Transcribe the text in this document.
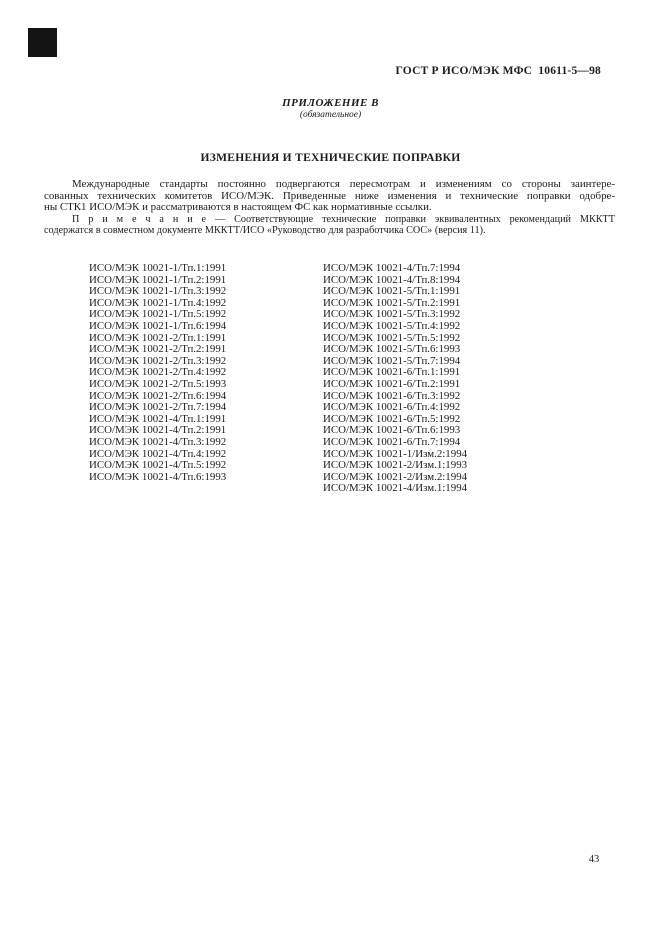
ГОСТ Р ИСО/МЭК МФС  10611-5—98
ПРИЛОЖЕНИЕ В
(обязательное)
ИЗМЕНЕНИЯ И ТЕХНИЧЕСКИЕ ПОПРАВКИ
Международные стандарты постоянно подвергаются пересмотрам и изменениям со стороны заинтере-
сованных технических комитетов ИСО/МЭК. Приведенные ниже изменения и технические поправки одобре-
ны СТК1 ИСО/МЭК и рассматриваются в настоящем ФС как нормативные ссылки.
П р и м е ч а н и е — Соответствующие технические поправки эквивалентных рекомендаций МККТТ
содержатся в совместном документе МККТТ/ИСО «Руководство для разработчика СОС» (версия 11).
ИСО/МЭК 10021-1/Тп.1:1991
ИСО/МЭК 10021-1/Тп.2:1991
ИСО/МЭК 10021-1/Тп.3:1992
ИСО/МЭК 10021-1/Тп.4:1992
ИСО/МЭК 10021-1/Тп.5:1992
ИСО/МЭК 10021-1/Тп.6:1994
ИСО/МЭК 10021-2/Тп.1:1991
ИСО/МЭК 10021-2/Тп.2:1991
ИСО/МЭК 10021-2/Тп.3:1992
ИСО/МЭК 10021-2/Тп.4:1992
ИСО/МЭК 10021-2/Тп.5:1993
ИСО/МЭК 10021-2/Тп.6:1994
ИСО/МЭК 10021-2/Тп.7:1994
ИСО/МЭК 10021-4/Тп.1:1991
ИСО/МЭК 10021-4/Тп.2:1991
ИСО/МЭК 10021-4/Тп.3:1992
ИСО/МЭК 10021-4/Тп.4:1992
ИСО/МЭК 10021-4/Тп.5:1992
ИСО/МЭК 10021-4/Тп.6:1993
ИСО/МЭК 10021-4/Тп.7:1994
ИСО/МЭК 10021-4/Тп.8:1994
ИСО/МЭК 10021-5/Тп.1:1991
ИСО/МЭК 10021-5/Тп.2:1991
ИСО/МЭК 10021-5/Тп.3:1992
ИСО/МЭК 10021-5/Тп.4:1992
ИСО/МЭК 10021-5/Тп.5:1992
ИСО/МЭК 10021-5/Тп.6:1993
ИСО/МЭК 10021-5/Тп.7:1994
ИСО/МЭК 10021-6/Тп.1:1991
ИСО/МЭК 10021-6/Тп.2:1991
ИСО/МЭК 10021-6/Тп.3:1992
ИСО/МЭК 10021-6/Тп.4:1992
ИСО/МЭК 10021-6/Тп.5:1992
ИСО/МЭК 10021-6/Тп.6:1993
ИСО/МЭК 10021-6/Тп.7:1994
ИСО/МЭК 10021-1/Изм.2:1994
ИСО/МЭК 10021-2/Изм.1:1993
ИСО/МЭК 10021-2/Изм.2:1994
ИСО/МЭК 10021-4/Изм.1:1994
43
